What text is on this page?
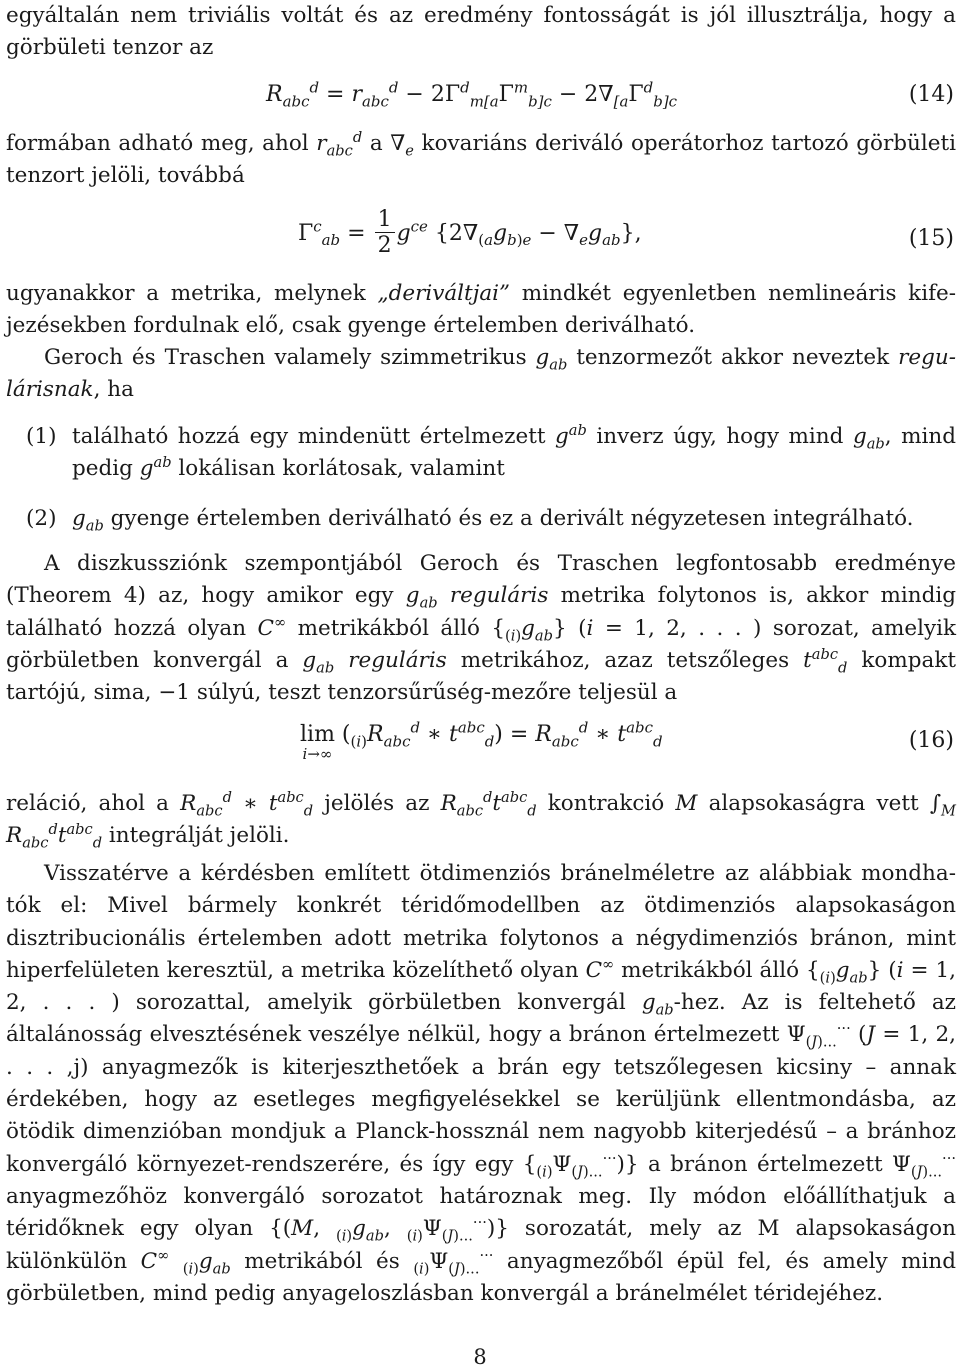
egyáltalán nem triviális voltát és az eredmény fontosságát is jól illusztrálja, hogy a görbületi tenzor az
$R_{abc}^d = r_{abc}^d - 2\Gamma^d_{m[a}\Gamma^m_{b]c} - 2\nabla_{[a}\Gamma^d_{b]c}$	(14)
formában adható meg, ahol $r_{abc}^d$ a $\nabla_e$ kovariáns deriváló operátorhoz tartozó görbületi tenzort jelöli, továbbá
$\Gamma^c_{ab} = \frac{1}{2} g^{ce}$ $\{2\nabla_{(a}g_{b)e} - \nabla_eg_{ab}\}$,	(15)
ugyanakkor a metrika, melynek „deriváltjai” mindkét egyenletben nemlineáris kife-jezésekben fordulnak elő, csak gyenge értelemben deriválható.
Geroch és Traschen valamely szimmetrikus $g_{ab}$ tenzormezőt akkor neveztek regu-lárisnak, ha
(1) található hozzá egy mindenütt értelmezett $g^{ab}$ inverz úgy, hogy mind $g_{ab}$, mind pedig $g^{ab}$ lokálisan korlátosak, valamint
(2) $g_{ab}$ gyenge értelemben deriválható és ez a derivált négyzetesen integrálható.
A diszkussziónk szempontjából Geroch és Traschen legfontosabb eredménye (Theorem 4) az, hogy amikor egy $g_{ab}$ reguláris metrika folytonos is, akkor mindig található hozzá olyan C∞ metrikákból álló $\{_{(i)}g_{ab}\} (i = 1$, 2, . . . ) sorozat, amelyik görbületben konvergál a $g_{ab}$ reguláris metrikához, azaz tetszőleges $t^{abc}_d$ kompakt tartójú, sima, −1 súlyú, teszt tenzorsűrűség-mezőre teljesül a
lim
i→∞
($_{(i)}R_{abc}^d$ ∗ $t^{abc}_d) = R_{abc}^d$ ∗ $t^{abc}_d$	(16)
reláció, ahol a $R_{abc}^d$ ∗ $t^{abc}_d$ jelölés az $R_{abc}^dt^{abc}_d$ kontrakció M alapsokaságra vett $\int_M$ $R_{abc}^dt^{abc}_d$ integrálját jelöli.
Visszatérve a kérdésben említett ötdimenziós bránelméletre az alábbiak mondha-tók el: Mivel bármely konkrét téridőmodellben az ötdimenziós alapsokaságon disztribucionális értelemben adott metrika folytonos a négydimenziós bránon, mint hiperfelületen keresztül, a metrika közelíthető olyan C∞ metrikákból álló $\{_{(i)}g_{ab}\} (i = 1$, 2, . . . ) sorozattal, amelyik görbületben konvergál $g_{ab}$-hez. Az is feltehető az általánosság elvesztésének veszélye nélkül, hogy a bránon értelmezett $\Psi_{(J)...}^{\cdot\cdot\cdot}$ (J = 1, 2, . . . ,j) anyagmezők is kiterjeszthetőek a brán egy tetszőlegesen kicsiny – annak érdekében, hogy az esetleges megfigyelésekkel se kerüljünk ellentmondásba, az ötödik dimenzióban mondjuk a Planck-hossznál nem nagyobb kiterjedésű – a bránhoz konvergáló környezet-rendszerére, és így egy $\{_{(i)}\Psi_{(J)...}^{\cdot\cdot\cdot})$} a bránon értelmezett $\Psi_{(J)...}^{\cdot\cdot\cdot}$ anyagmezőhöz konvergáló sorozatot határoznak meg. Ily módon előállíthatjuk a téridőknek egy olyan {(M, $_{(i)}g_{ab}$, $_{(i)}\Psi_{(J)...}^{\cdot\cdot\cdot}$)} sorozatát, mely az M alapsokaságon különkülön C∞ $_{(i)}g_{ab}$ metrikából és $_{(i)}\Psi_{(J)...}^{\cdot\cdot\cdot}$ anyagmezőből épül fel, és amely mind görbületben, mind pedig anyageloszlásban konvergál a bránelmélet téridejéhez.
8
